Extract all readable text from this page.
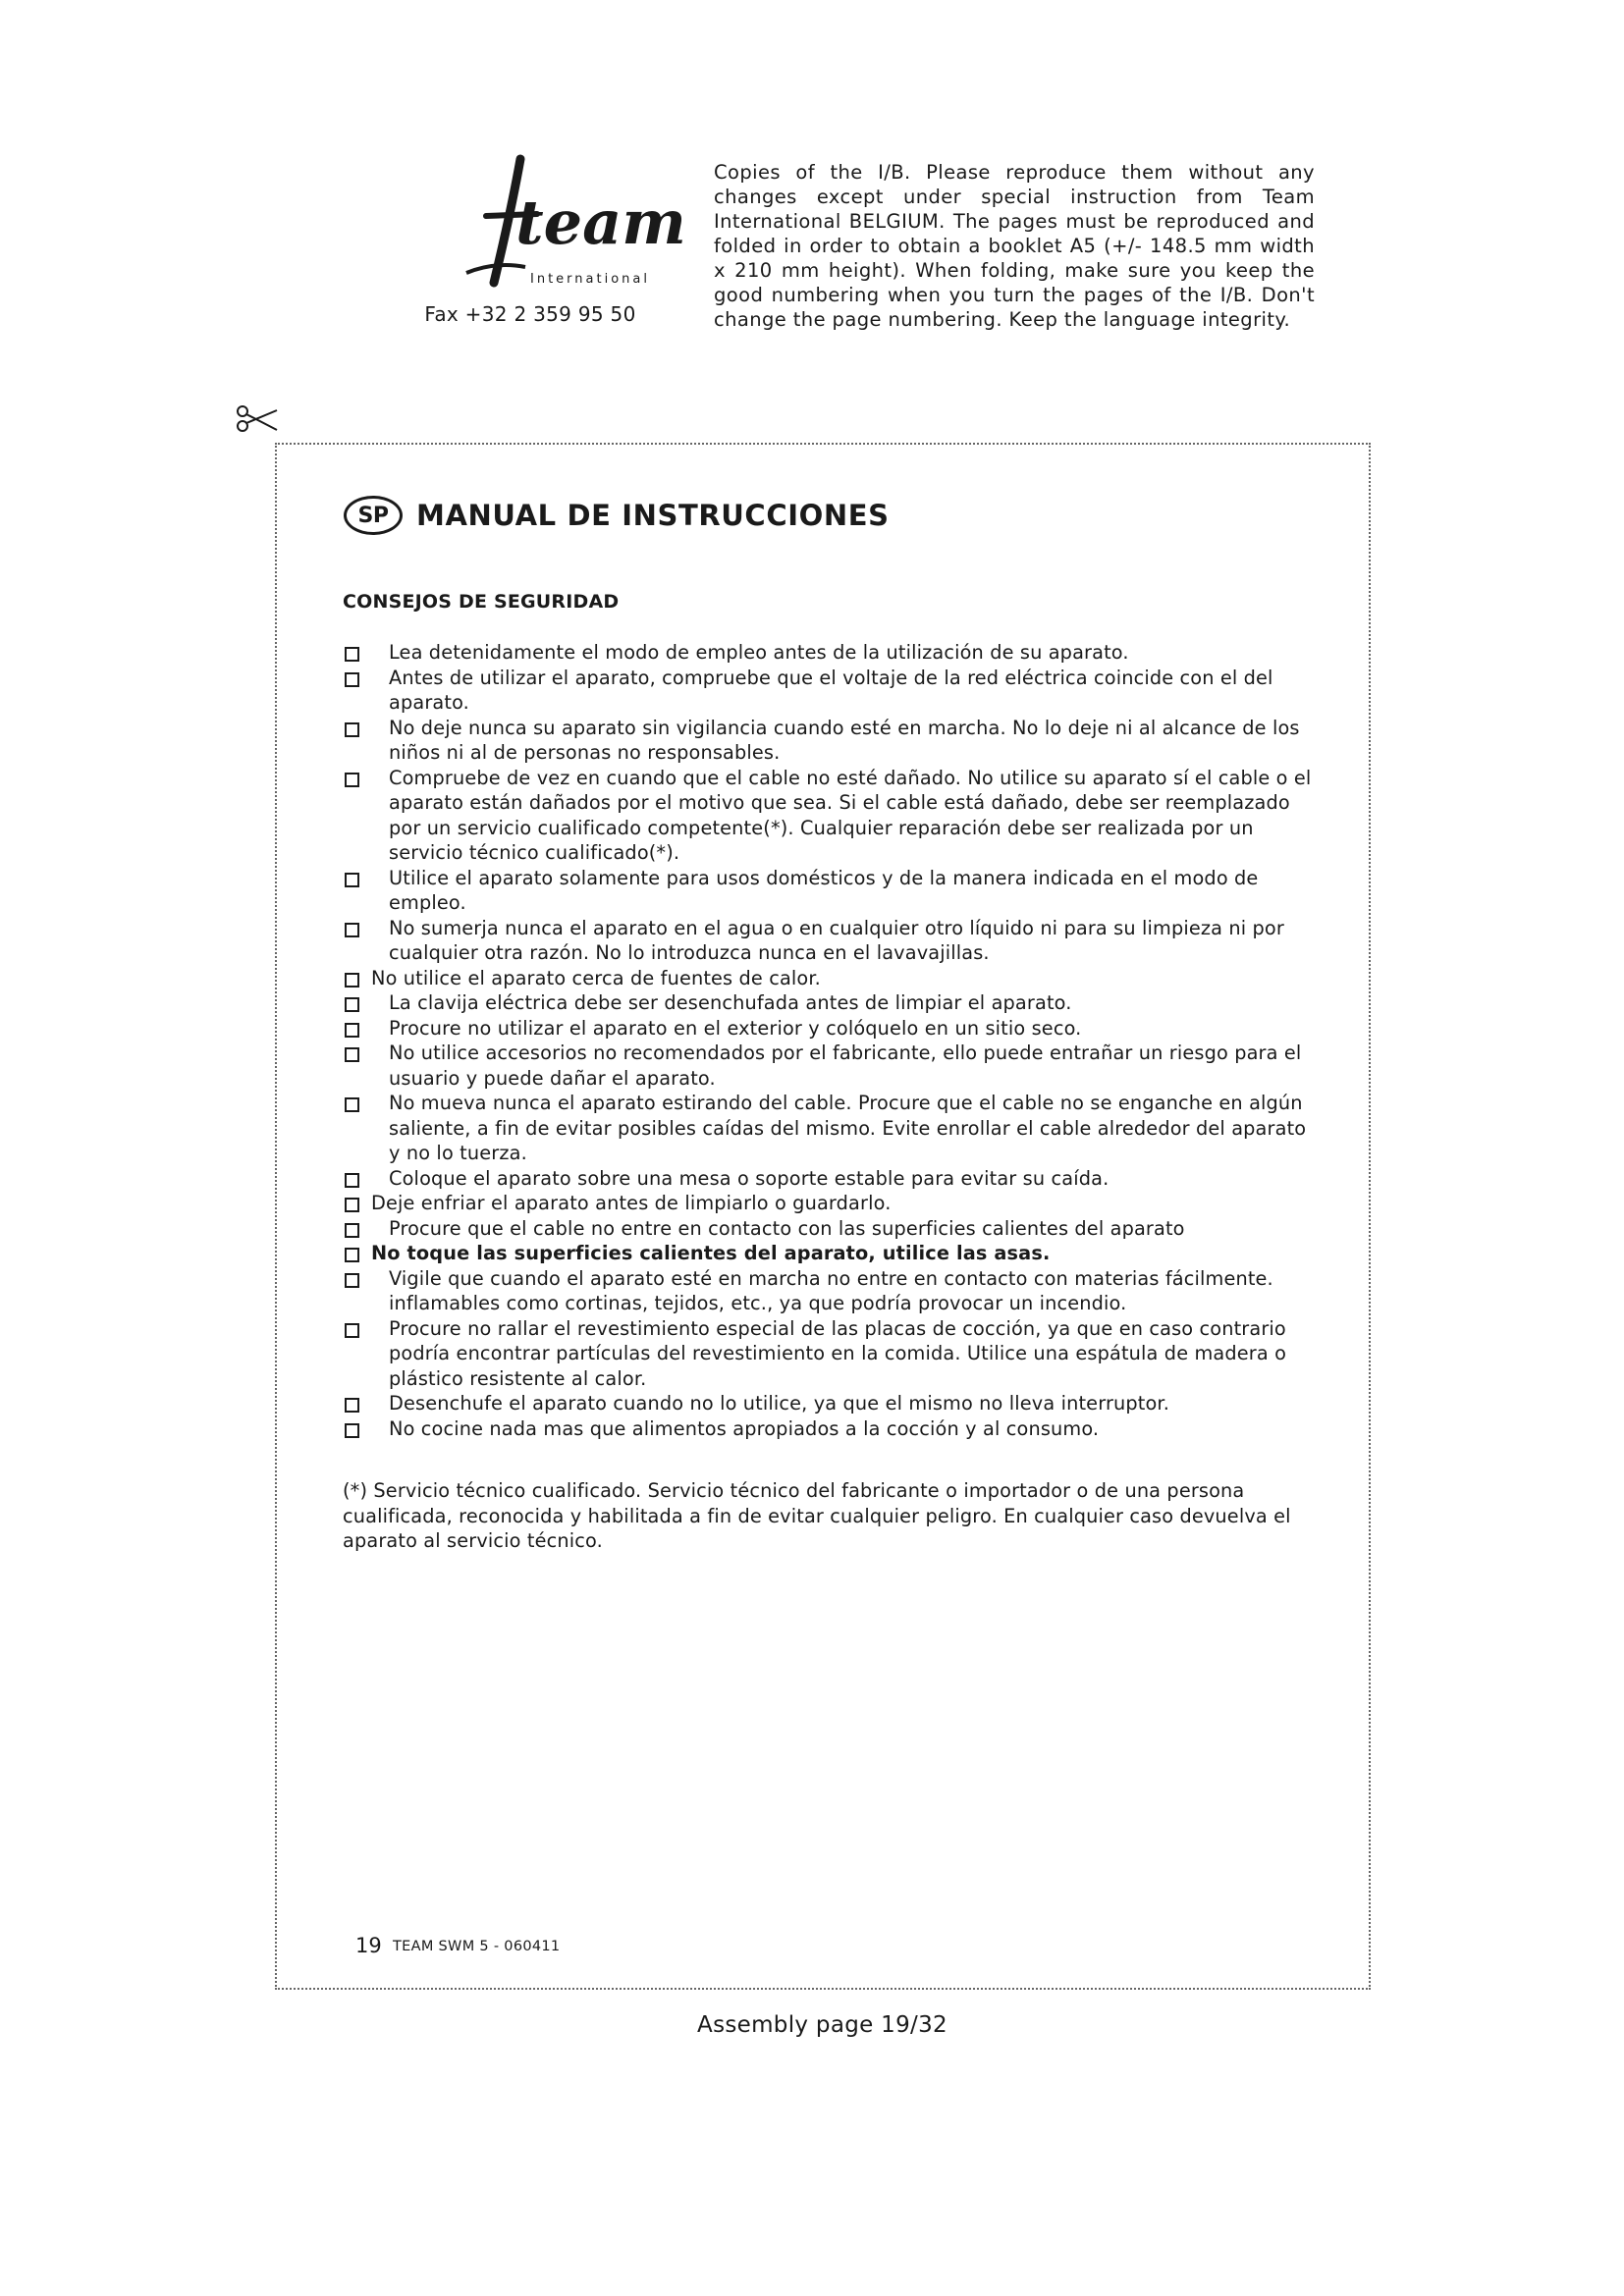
team
International
Fax +32 2 359 95 50
Copies of the I/B. Please reproduce them without any changes except under special instruction from Team International BELGIUM. The pages must be reproduced and folded in order to obtain a booklet A5 (+/- 148.5 mm width x 210 mm height). When folding, make sure you keep the good numbering when you turn the pages of the I/B. Don't change the page numbering. Keep the language integrity.
SP MANUAL DE INSTRUCCIONES
CONSEJOS DE SEGURIDAD
Lea detenidamente el modo de empleo antes de la utilización de su aparato.
Antes de utilizar el aparato, compruebe que el voltaje de la red eléctrica coincide con el del aparato.
No deje nunca su aparato sin vigilancia cuando esté en marcha. No lo deje ni al alcance de los niños ni al de personas no responsables.
Compruebe de vez en cuando que el cable no esté dañado. No utilice su aparato sí el cable o el aparato están dañados por el motivo que sea. Si el cable está dañado, debe ser reemplazado por un servicio cualificado competente(*). Cualquier reparación debe ser realizada por un servicio técnico cualificado(*).
Utilice el aparato solamente para usos domésticos y de la manera indicada en el modo de empleo.
No sumerja nunca el aparato en el agua o en cualquier otro líquido ni para su limpieza ni por cualquier otra razón. No lo introduzca nunca en el lavavajillas.
No utilice el aparato cerca de fuentes de calor.
La clavija eléctrica debe ser desenchufada antes de limpiar el aparato.
Procure no utilizar el aparato en el exterior y colóquelo en un sitio seco.
No utilice accesorios no recomendados por el fabricante, ello puede entrañar un riesgo para el usuario y puede dañar el aparato.
No mueva nunca el aparato estirando del cable. Procure que el cable no se enganche en algún saliente, a fin de evitar posibles caídas del mismo. Evite enrollar el cable alrededor del aparato y no lo tuerza.
Coloque el aparato sobre una mesa o soporte estable para evitar su caída.
Deje enfriar el aparato antes de limpiarlo o guardarlo.
Procure que el cable no entre en contacto con las superficies calientes del aparato
No toque las superficies calientes del aparato, utilice las asas.
Vigile que cuando el aparato esté en marcha no entre en contacto con materias fácilmente. inflamables como cortinas, tejidos, etc., ya que podría provocar un incendio.
Procure no rallar el revestimiento especial de las placas de cocción, ya que en caso contrario podría encontrar partículas del revestimiento en la comida. Utilice una espátula de madera o plástico resistente al calor.
Desenchufe el aparato cuando no lo utilice, ya que el mismo no lleva interruptor.
No cocine nada mas que alimentos apropiados a la cocción y al consumo.
(*) Servicio técnico cualificado. Servicio técnico del fabricante o importador o de una persona cualificada, reconocida y habilitada a fin de evitar cualquier peligro. En cualquier caso devuelva el aparato al servicio técnico.
19 TEAM SWM 5 - 060411
Assembly page 19/32
